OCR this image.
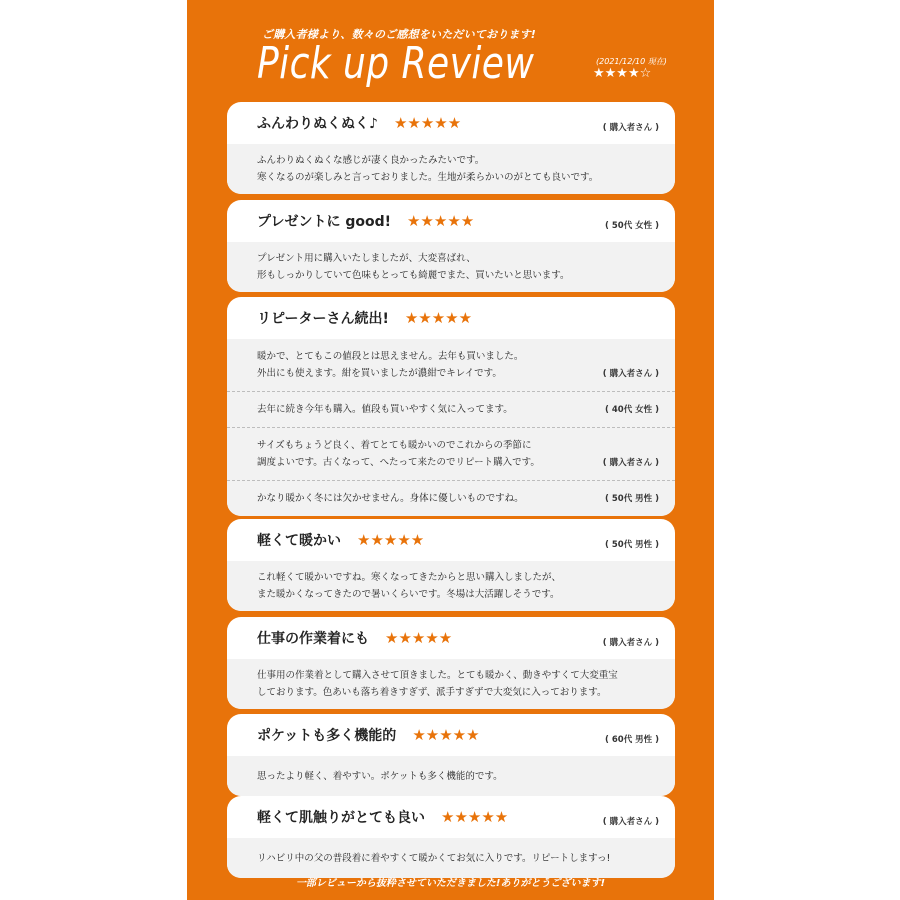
ご購入者様より、数々のご感想をいただいております!
Pick up Review	(2021/12/10 現在)
★★★★☆
ふんわりぬくぬく♪ ★★★★★	( 購入者さん )
ふんわりぬくぬくな感じが凄く良かったみたいです。
寒くなるのが楽しみと言っておりました。生地が柔らかいのがとても良いです。
プレゼントに good! ★★★★★	( 50代 女性 )
プレゼント用に購入いたしましたが、大変喜ばれ、
形もしっかりしていて色味もとっても綺麗でまた、買いたいと思います。
リピーターさん続出! ★★★★★
暖かで、とてもこの値段とは思えません。去年も買いました。
外出にも使えます。紺を買いましたが濃紺でキレイです。	( 購入者さん )
去年に続き今年も購入。値段も買いやすく気に入ってます。	( 40代 女性 )
サイズもちょうど良く、着てとても暖かいのでこれからの季節に
調度よいです。古くなって、へたって来たのでリピート購入です。	( 購入者さん )
かなり暖かく冬には欠かせません。身体に優しいものですね。	( 50代 男性 )
軽くて暖かい ★★★★★	( 50代 男性 )
これ軽くて暖かいですね。寒くなってきたからと思い購入しましたが、
また暖かくなってきたので暑いくらいです。冬場は大活躍しそうです。
仕事の作業着にも ★★★★★	( 購入者さん )
仕事用の作業着として購入させて頂きました。とても暖かく、動きやすくて大変重宝
しております。色あいも落ち着きすぎず、派手すぎずで大変気に入っております。
ポケットも多く機能的 ★★★★★	( 60代 男性 )
思ったより軽く、着やすい。ポケットも多く機能的です。
軽くて肌触りがとても良い ★★★★★	( 購入者さん )
リハビリ中の父の普段着に着やすくて暖かくてお気に入りです。リピートしますっ!
一部レビューから抜粋させていただきました!ありがとうございます!
